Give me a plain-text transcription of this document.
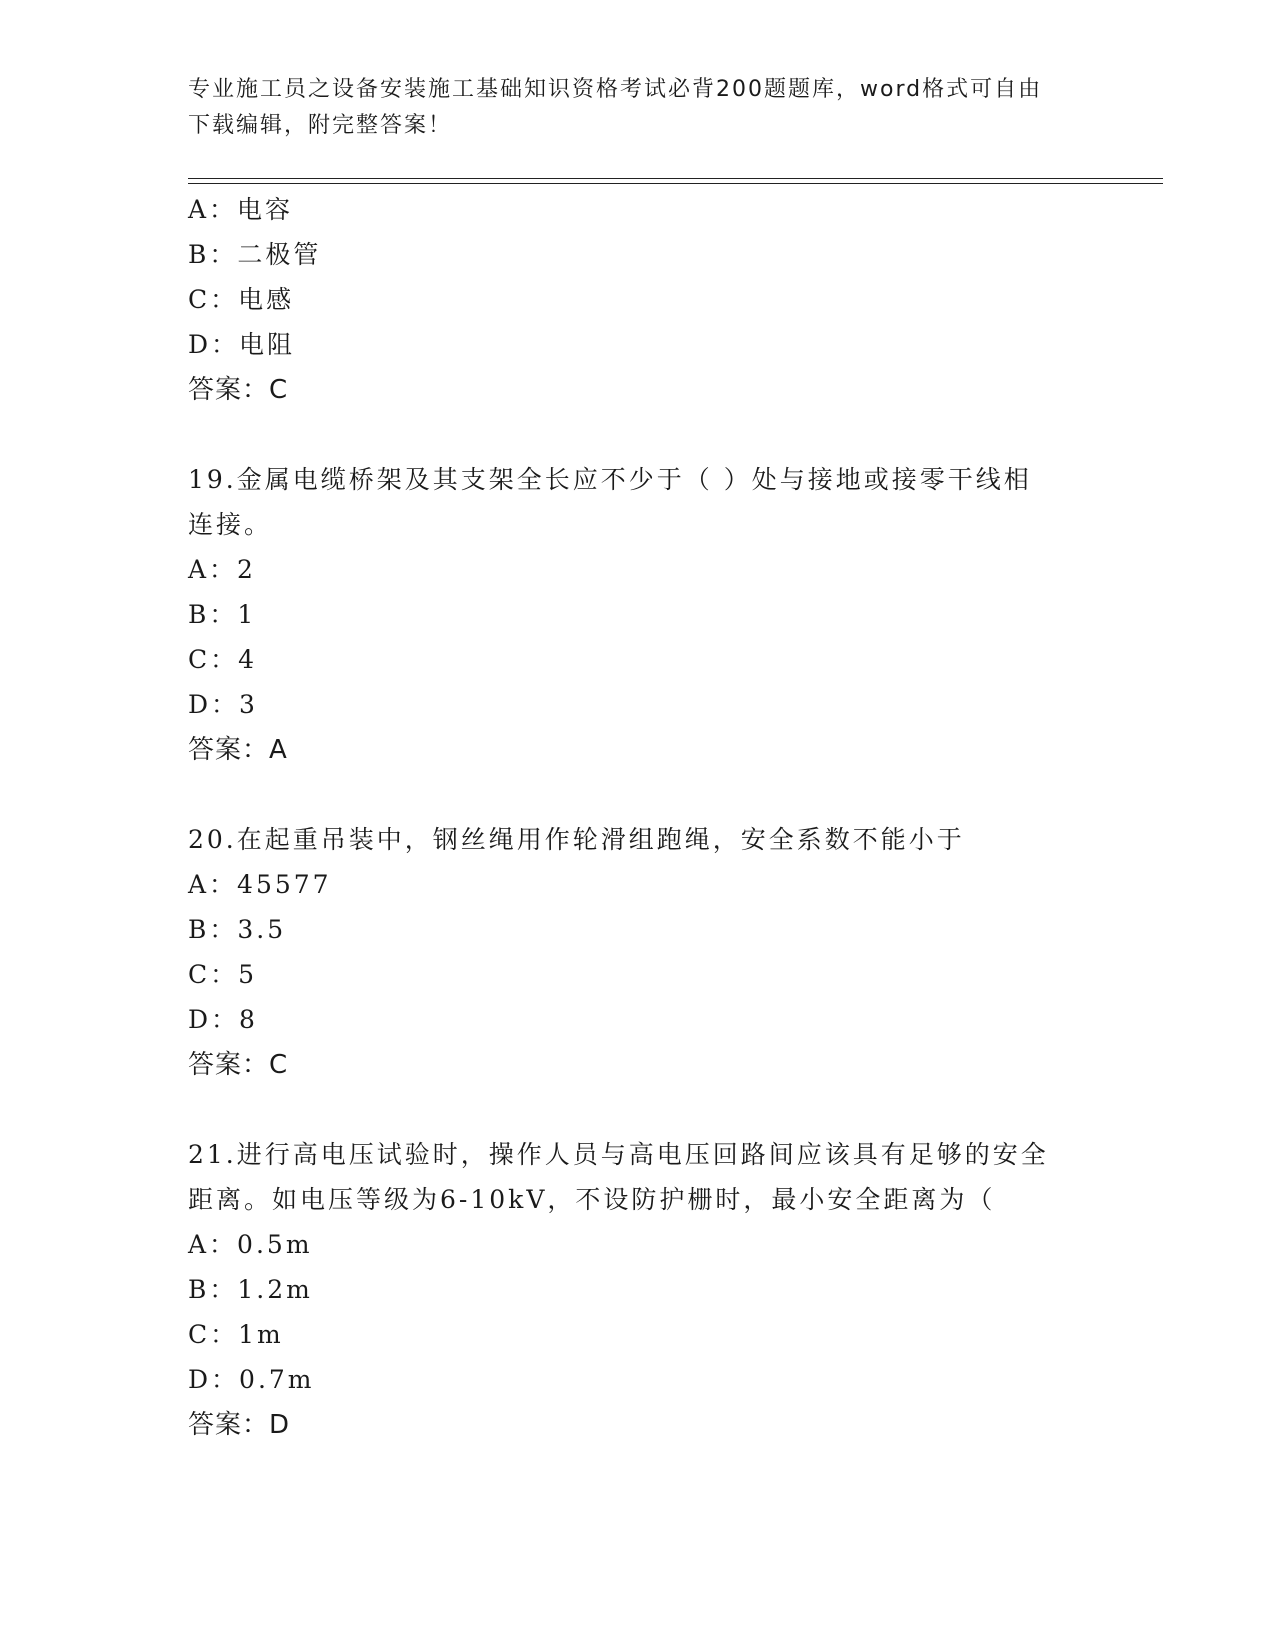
专业施工员之设备安装施工基础知识资格考试必背200题题库，word格式可自由
下载编辑，附完整答案！
A：电容
B：二极管
C：电感
D：电阻
答案：C
19.金属电缆桥架及其支架全长应不少于（ ）处与接地或接零干线相
连接。
A：2
B：1
C：4
D：3
答案：A
20.在起重吊装中，钢丝绳用作轮滑组跑绳，安全系数不能小于
A：45577
B：3.5
C：5
D：8
答案：C
21.进行高电压试验时，操作人员与高电压回路间应该具有足够的安全
距离。如电压等级为6-10kV，不设防护栅时，最小安全距离为（
A：0.5m
B：1.2m
C：1m
D：0.7m
答案：D
